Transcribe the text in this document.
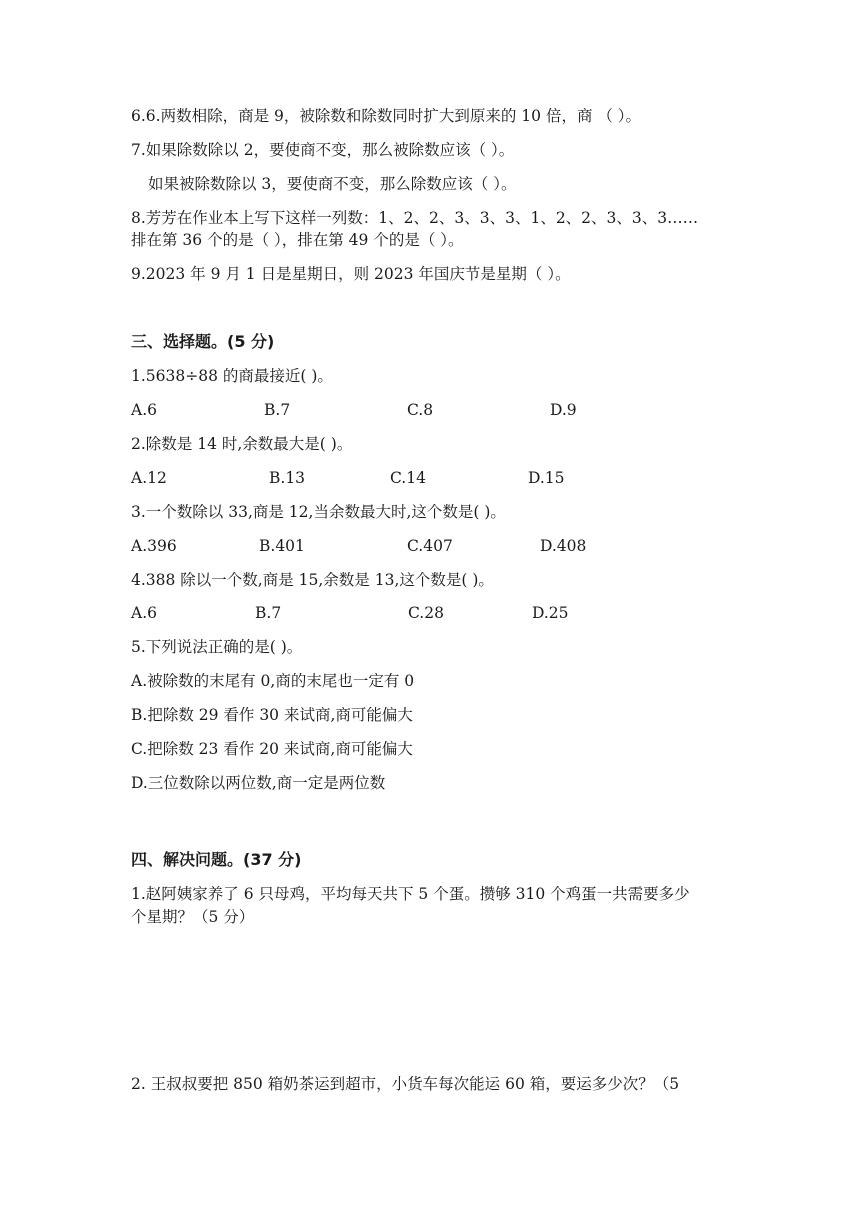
6.6.两数相除，商是 9，被除数和除数同时扩大到原来的 10 倍，商 （ ）。
7.如果除数除以 2，要使商不变，那么被除数应该（ ）。
如果被除数除以 3，要使商不变，那么除数应该（ ）。
8.芳芳在作业本上写下这样一列数：1、2、2、3、3、3、1、2、2、3、3、3……
排在第 36 个的是（ ），排在第 49 个的是（ ）。
9.2023 年 9 月 1 日是星期日，则 2023 年国庆节是星期（ ）。
三、选择题。(5 分)
1.5638÷88 的商最接近( )。
A.6	B.7	C.8	D.9
2.除数是 14 时,余数最大是( )。
A.12	B.13	C.14	D.15
3.一个数除以 33,商是 12,当余数最大时,这个数是( )。
A.396	B.401	C.407	D.408
4.388 除以一个数,商是 15,余数是 13,这个数是( )。
A.6	B.7	C.28	D.25
5.下列说法正确的是( )。
A.被除数的末尾有 0,商的末尾也一定有 0
B.把除数 29 看作 30 来试商,商可能偏大
C.把除数 23 看作 20 来试商,商可能偏大
D.三位数除以两位数,商一定是两位数
四、解决问题。(37 分)
1.赵阿姨家养了 6 只母鸡，平均每天共下 5 个蛋。攒够 310 个鸡蛋一共需要多少
个星期？（5 分）
2. 王叔叔要把 850 箱奶茶运到超市，小货车每次能运 60 箱，要运多少次？（5
